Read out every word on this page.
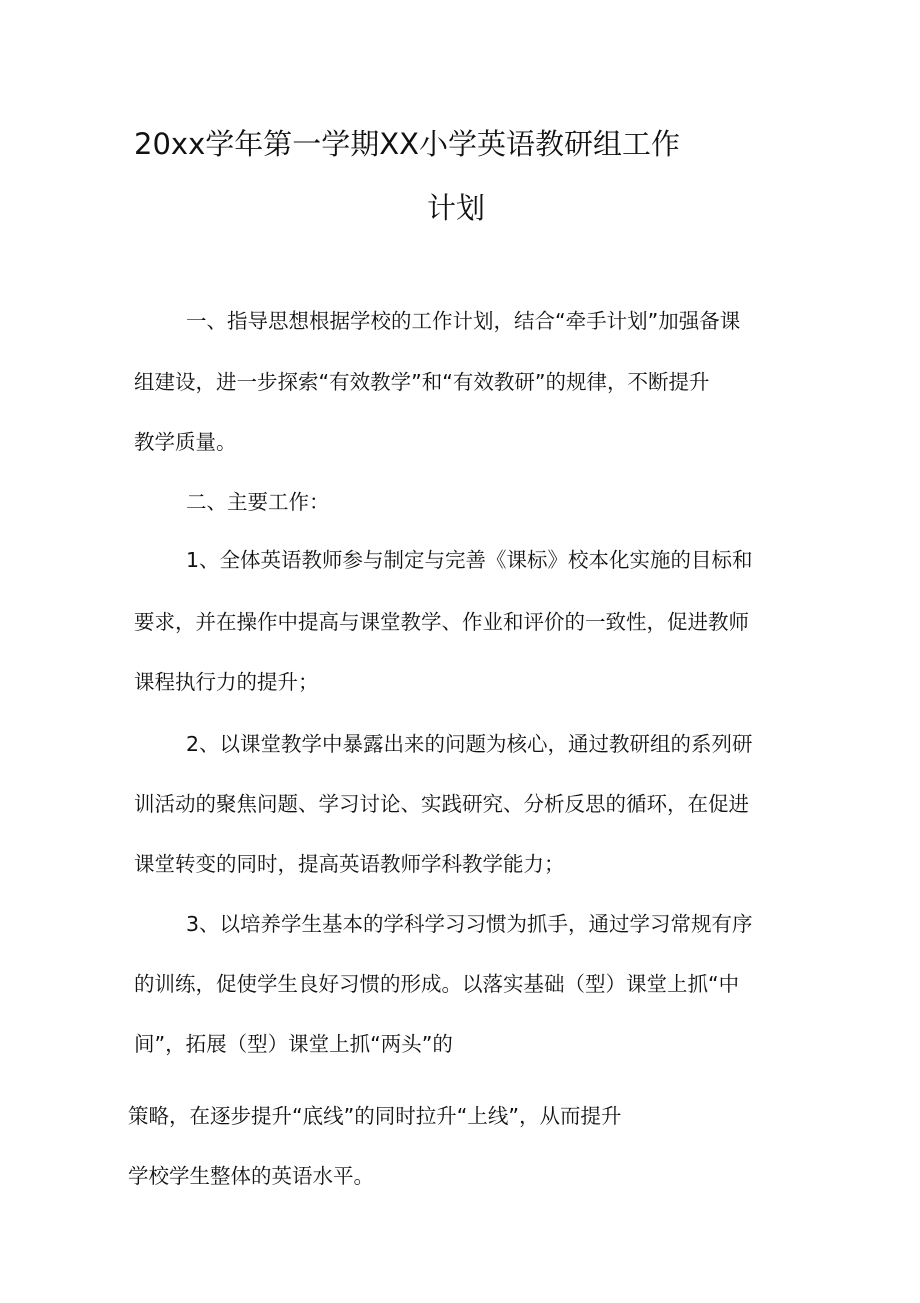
20xx学年第一学期XX小学英语教研组工作
计划
一、指导思想根据学校的工作计划，结合“牵手计划”加强备课
组建设，进一步探索“有效教学”和“有效教研”的规律，不断提升
教学质量。
二、主要工作：
1、全体英语教师参与制定与完善《课标》校本化实施的目标和
要求，并在操作中提高与课堂教学、作业和评价的一致性，促进教师
课程执行力的提升；
2、以课堂教学中暴露出来的问题为核心，通过教研组的系列研
训活动的聚焦问题、学习讨论、实践研究、分析反思的循环，在促进
课堂转变的同时，提高英语教师学科教学能力；
3、以培养学生基本的学科学习习惯为抓手，通过学习常规有序
的训练，促使学生良好习惯的形成。以落实基础（型）课堂上抓“中
间”，拓展（型）课堂上抓“两头”的
策略，在逐步提升“底线”的同时拉升“上线”，从而提升
学校学生整体的英语水平。
